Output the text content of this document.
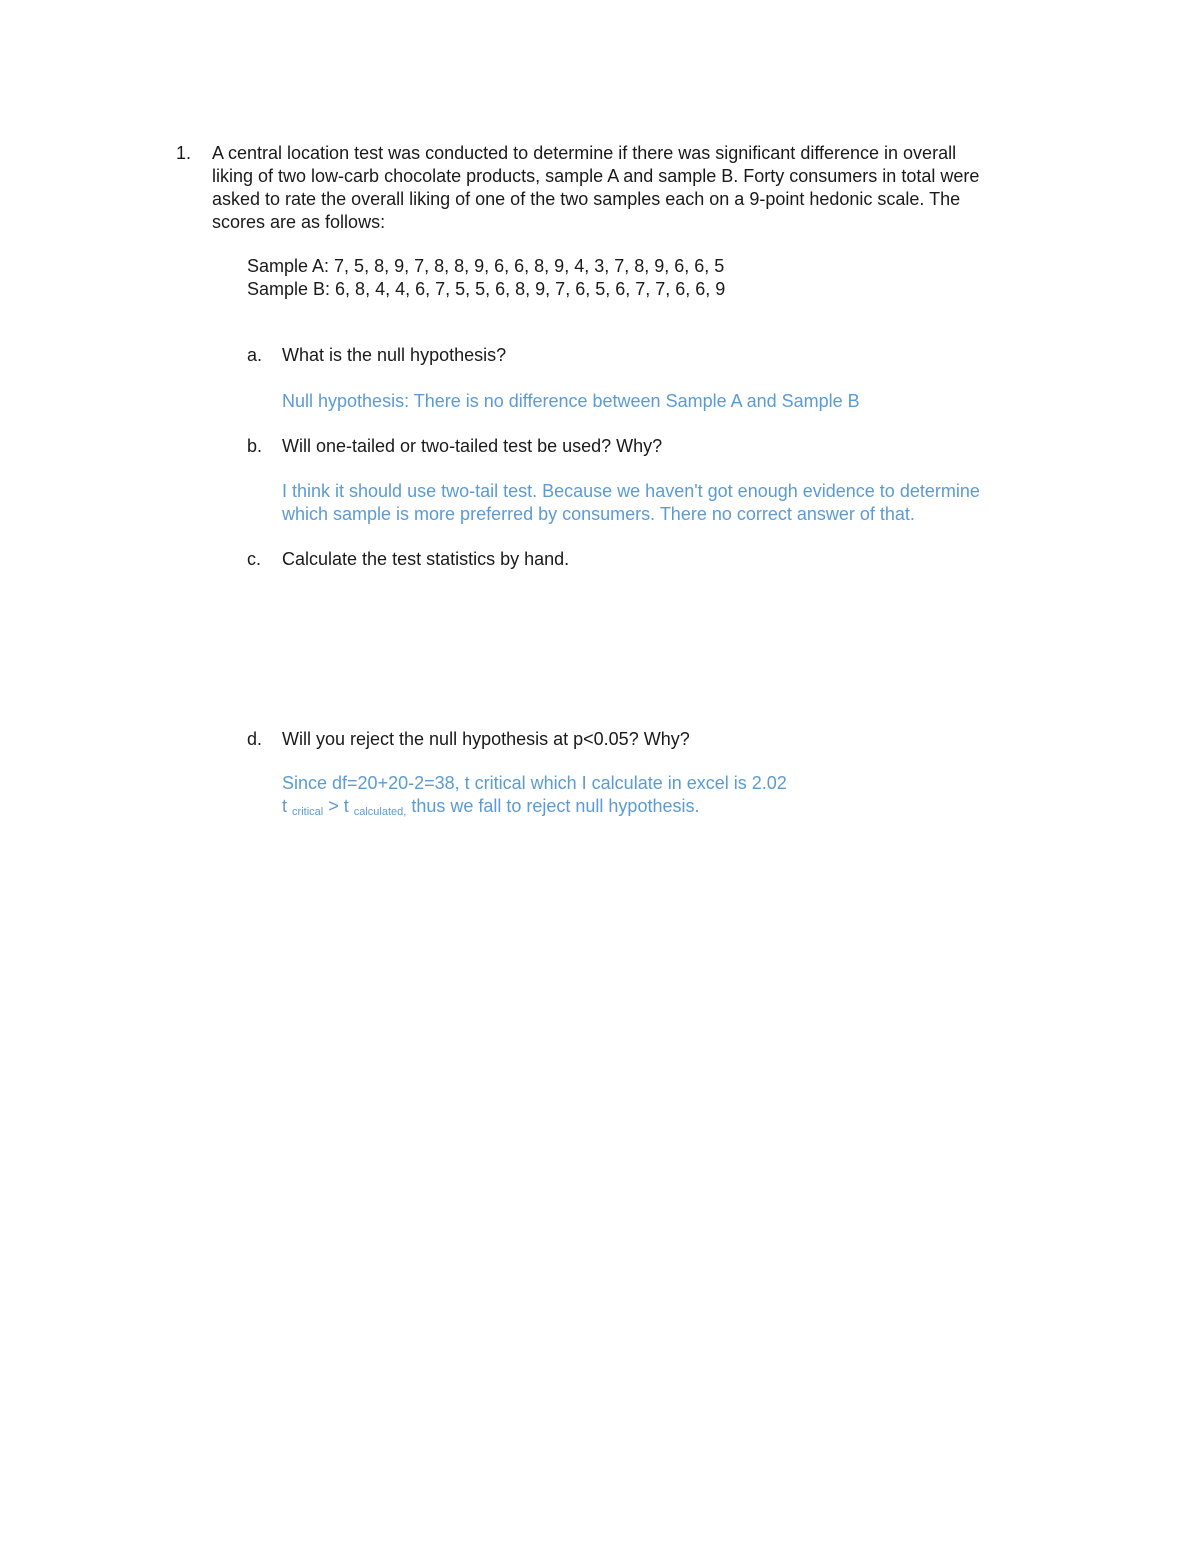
1. A central location test was conducted to determine if there was significant difference in overall
liking of two low-carb chocolate products, sample A and sample B. Forty consumers in total were
asked to rate the overall liking of one of the two samples each on a 9-point hedonic scale. The
scores are as follows:
Sample A: 7, 5, 8, 9, 7, 8, 8, 9, 6, 6, 8, 9, 4, 3, 7, 8, 9, 6, 6, 5
Sample B: 6, 8, 4, 4, 6, 7, 5, 5, 6, 8, 9, 7, 6, 5, 6, 7, 7, 6, 6, 9
a. What is the null hypothesis?
Null hypothesis: There is no difference between Sample A and Sample B
b. Will one-tailed or two-tailed test be used? Why?
I think it should use two-tail test. Because we haven't got enough evidence to determine
which sample is more preferred by consumers. There no correct answer of that.
c. Calculate the test statistics by hand.
d. Will you reject the null hypothesis at p<0.05? Why?
Since df=20+20-2=38, t critical which I calculate in excel is 2.02
t critical > t calculated, thus we fall to reject null hypothesis.
